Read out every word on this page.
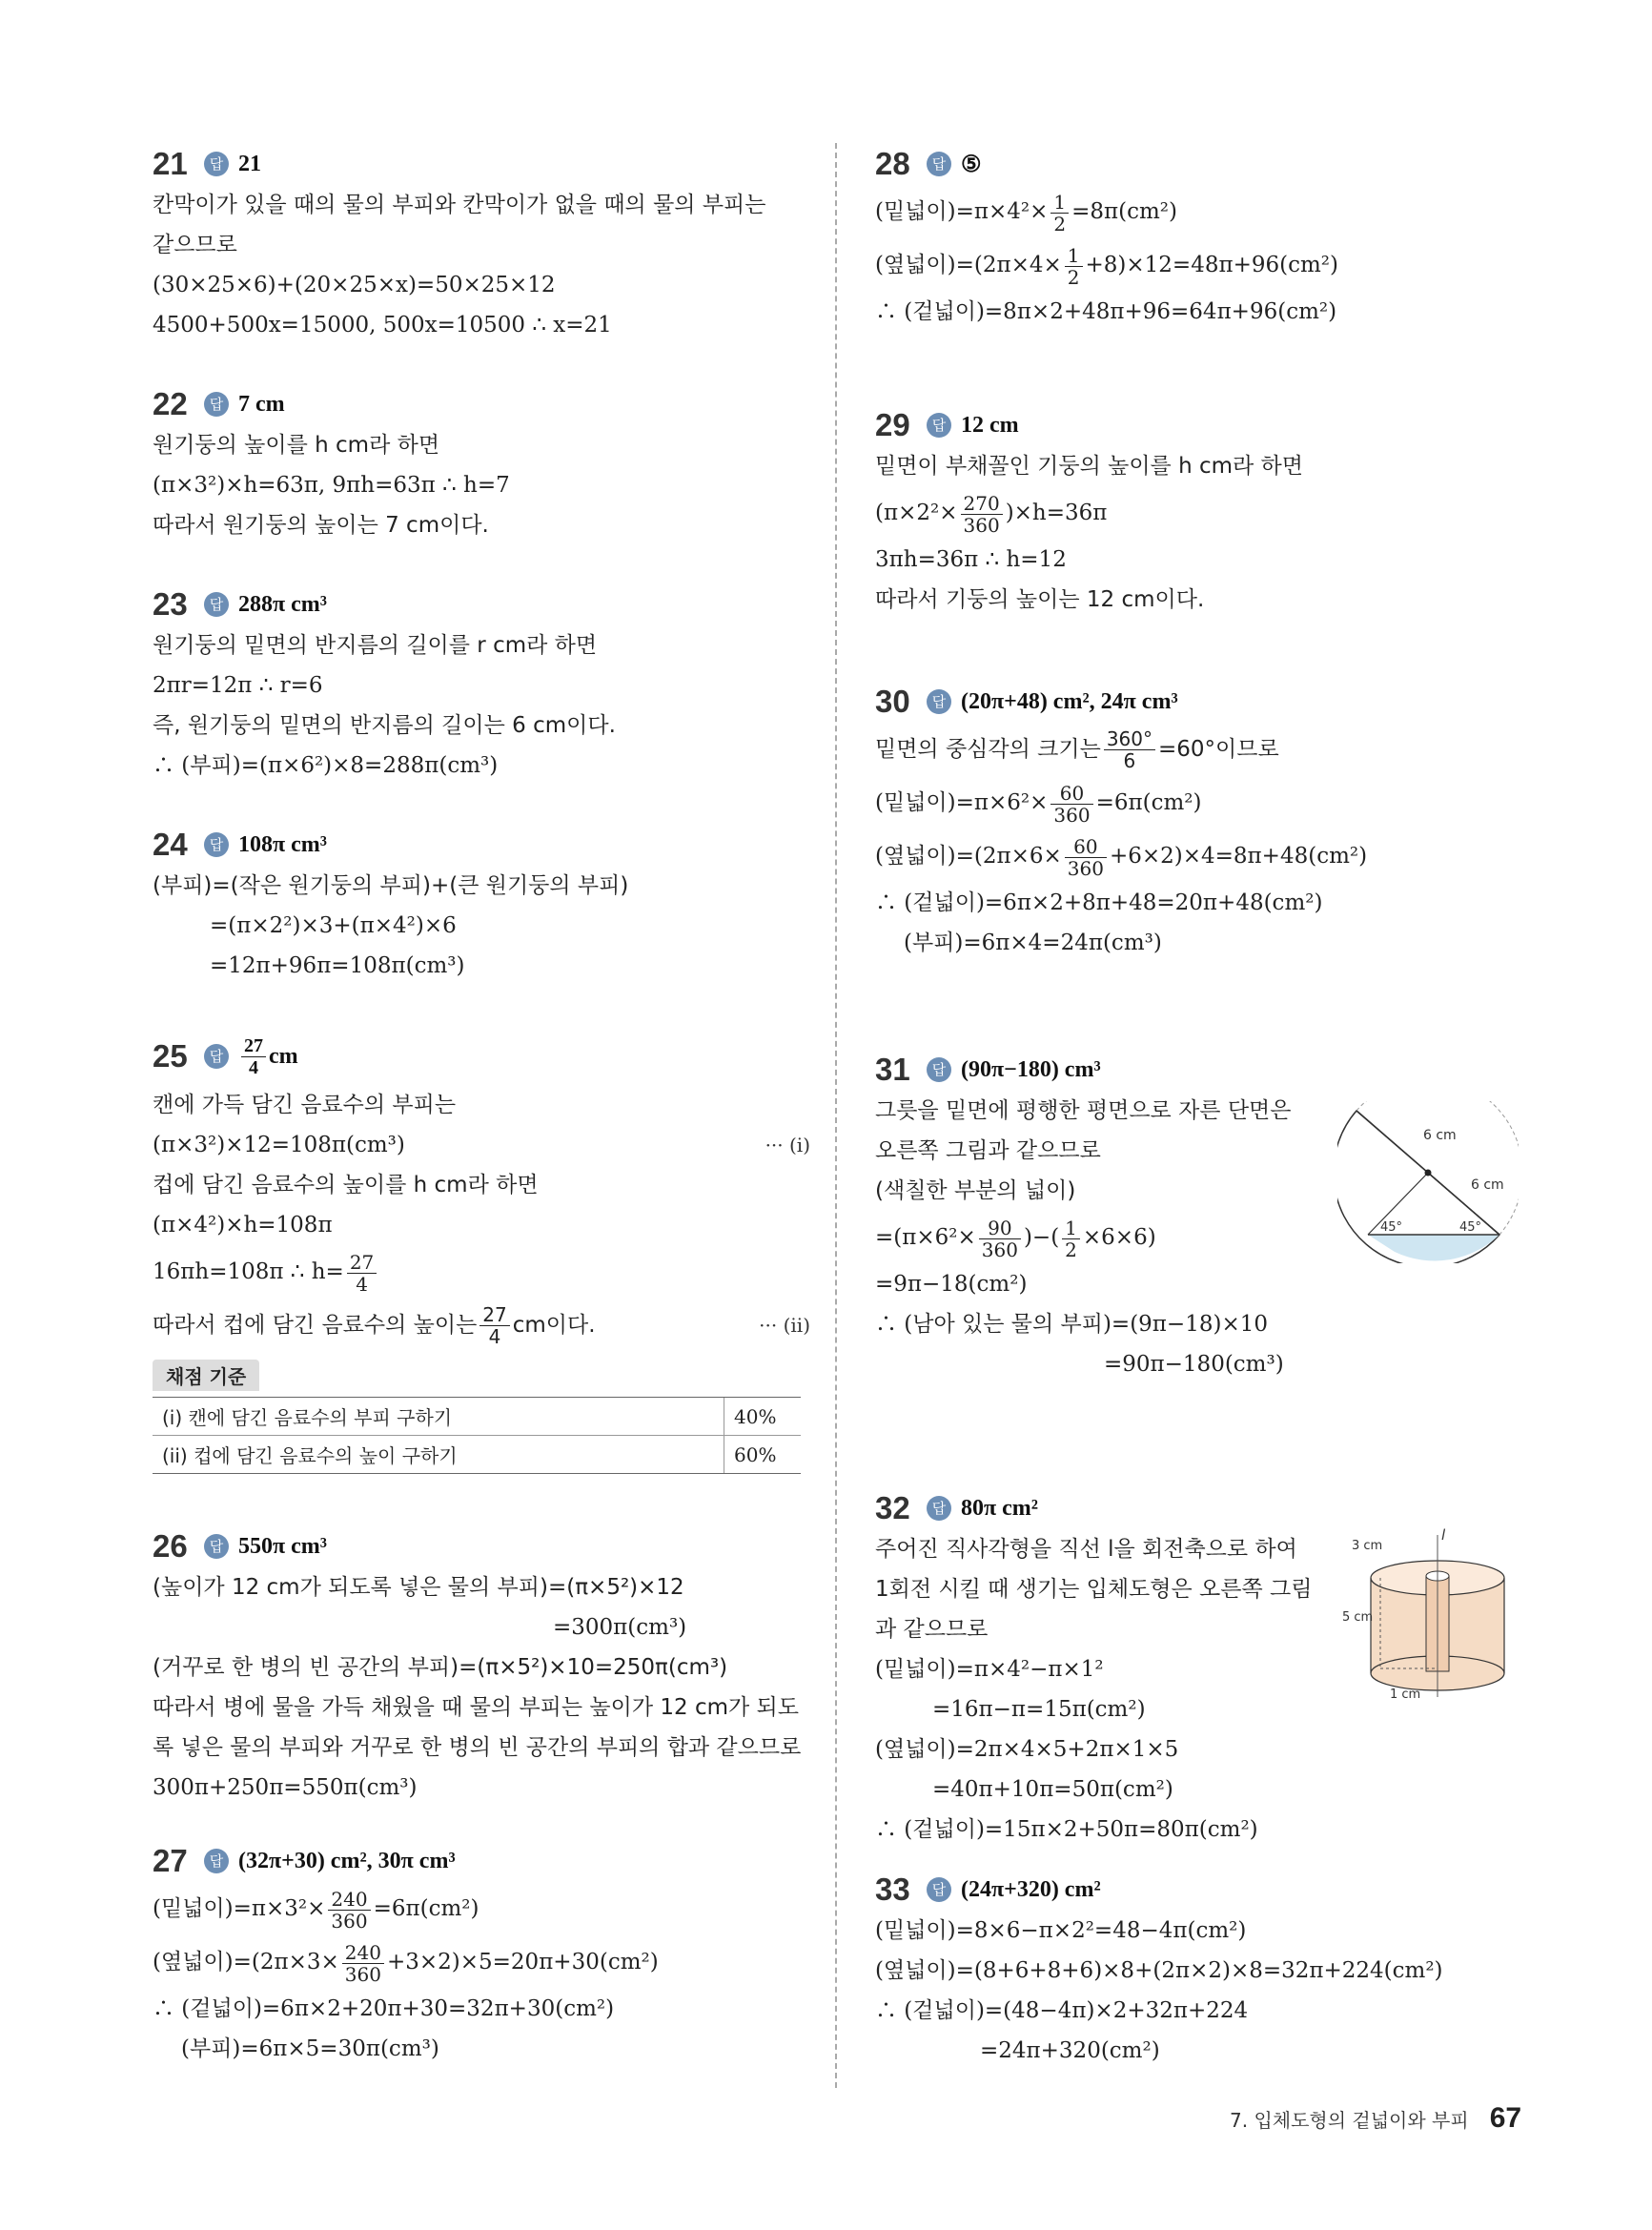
21	답 21
칸막이가 있을 때의 물의 부피와 칸막이가 없을 때의 물의 부피는
같으므로
(30×25×6)+(20×25×x)=50×25×12
4500+500x=15000, 500x=10500 ∴ x=21
22	답 7 cm
원기둥의 높이를 h cm라 하면
(π×3²)×h=63π, 9πh=63π ∴ h=7
따라서 원기둥의 높이는 7 cm이다.
23	답 288π cm³
원기둥의 밑면의 반지름의 길이를 r cm라 하면
2πr=12π ∴ r=6
즉, 원기둥의 밑면의 반지름의 길이는 6 cm이다.
∴ (부피)=(π×6²)×8=288π(cm³)
24	답 108π cm³
(부피)=(작은 원기둥의 부피)+(큰 원기둥의 부피)
=(π×2²)×3+(π×4²)×6
=12π+96π=108π(cm³)
25	답 $\frac{27}{4}$ cm
캔에 가득 담긴 음료수의 부피는
(π×3²)×12=108π(cm³)	··· (i)
컵에 담긴 음료수의 높이를 h cm라 하면
(π×4²)×h=108π
16πh=108π ∴ $h= \frac{27}{4}$
따라서 컵에 담긴 음료수의 높이는 $\frac{27}{4}$ cm이다.	··· (ii)
채점 기준
(i) 캔에 담긴 음료수의 부피 구하기	40%
(ii) 컵에 담긴 음료수의 높이 구하기	60%
26	답 550π cm³
(높이가 12 cm가 되도록 넣은 물의 부피)=(π×5²)×12
=300π(cm³)
(거꾸로 한 병의 빈 공간의 부피)=(π×5²)×10=250π(cm³)
따라서 병에 물을 가득 채웠을 때 물의 부피는 높이가 12 cm가 되도
록 넣은 물의 부피와 거꾸로 한 병의 빈 공간의 부피의 합과 같으므로
300π+250π=550π(cm³)
27	답 (32π+30) cm², 30π cm³
(밑넓이)$=\pi\times 3^2\times \frac{240}{360} =6\pi(cm^2)$
(옆넓이)$=(2\pi\times 3\times \frac{240}{360} +3\times 2)\times 5=20\pi+30(cm^2)$
∴ (겉넓이)=6π×2+20π+30=32π+30(cm²)
(부피)=6π×5=30π(cm³)
28	답 ⑤
(밑넓이)$=\pi\times 4^2\times \frac{1}{2} =8\pi(cm^2)$
(옆넓이)$=(2\pi\times 4\times \frac{1}{2} +8)\times 12=48\pi+96(cm^2)$
∴ (겉넓이)=8π×2+48π+96=64π+96(cm²)
29	답 12 cm
밑면이 부채꼴인 기둥의 높이를 h cm라 하면
$(\pi\times 2^2\times \frac{270}{360} )\times h=36\pi$
3πh=36π ∴ h=12
따라서 기둥의 높이는 12 cm이다.
30	답 (20π+48) cm², 24π cm³
밑면의 중심각의 크기는 $\frac{360^\circ}{6} =60^\circ$이므로
(밑넓이)$=\pi\times 6^2\times \frac{60}{360} =6\pi(cm^2)$
(옆넓이)$=(2\pi\times 6\times \frac{60}{360} +6\times 2)\times 4=8\pi+48(cm^2)$
∴ (겉넓이)=6π×2+8π+48=20π+48(cm²)
(부피)=6π×4=24π(cm³)
31	답 (90π−180) cm³
그릇을 밑면에 평행한 평면으로 자른 단면은
오른쪽 그림과 같으므로
(색칠한 부분의 넓이)
$=(\pi\times 6^2\times \frac{90}{360}$ )−( $\frac{1}{2} \times 6\times 6$)
=9π−18(cm²)
∴ (남아 있는 물의 부피)=(9π−18)×10
=90π−180(cm³)
6 cm
6 cm
45°	45°
32	답 80π cm²
주어진 직사각형을 직선 l을 회전축으로 하여
1회전 시킬 때 생기는 입체도형은 오른쪽 그림
과 같으므로
(밑넓이)=π×4²−π×1²
=16π−π=15π(cm²)
(옆넓이)=2π×4×5+2π×1×5
=40π+10π=50π(cm²)
∴ (겉넓이)=15π×2+50π=80π(cm²)
l
3 cm
5 cm
1 cm
33	답 (24π+320) cm²
(밑넓이)=8×6−π×2²=48−4π(cm²)
(옆넓이)=(8+6+8+6)×8+(2π×2)×8=32π+224(cm²)
∴ (겉넓이)=(48−4π)×2+32π+224
=24π+320(cm²)
7. 입체도형의 겉넓이와 부피 67
